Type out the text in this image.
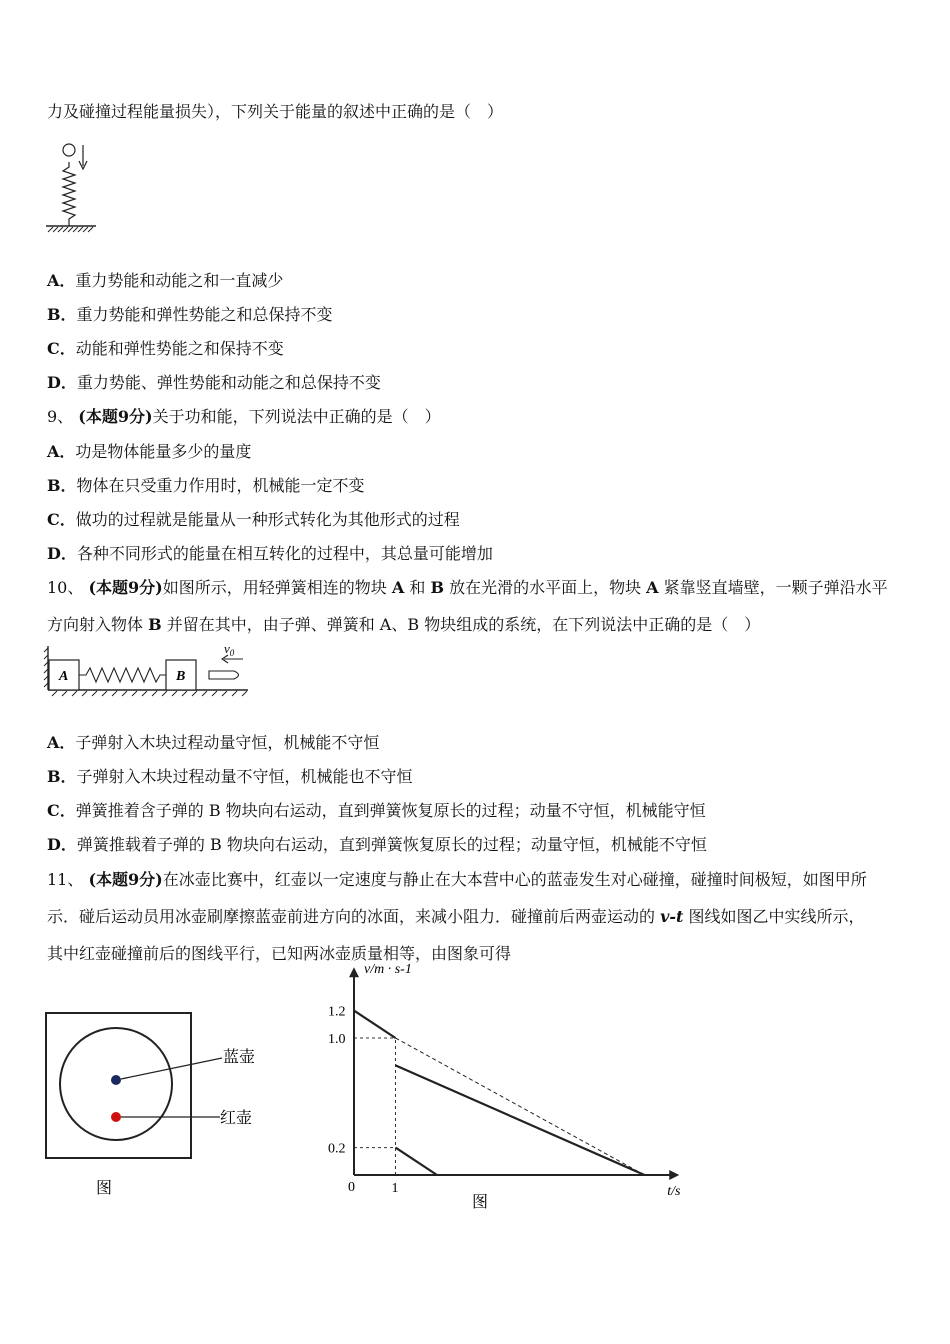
力及碰撞过程能量损失），下列关于能量的叙述中正确的是（　）
A．重力势能和动能之和一直减少
B．重力势能和弹性势能之和总保持不变
C．动能和弹性势能之和保持不变
D．重力势能、弹性势能和动能之和总保持不变
9、 (本题9分)关于功和能，下列说法中正确的是（　）
A．功是物体能量多少的量度
B．物体在只受重力作用时，机械能一定不变
C．做功的过程就是能量从一种形式转化为其他形式的过程
D．各种不同形式的能量在相互转化的过程中，其总量可能增加
10、 (本题9分)如图所示，用轻弹簧相连的物块 A 和 B 放在光滑的水平面上，物块 A 紧靠竖直墙壁，一颗子弹沿水平
方向射入物体 B 并留在其中，由子弹、弹簧和 A、B 物块组成的系统，在下列说法中正确的是（　）
A	B
$v_0$
A．子弹射入木块过程动量守恒，机械能不守恒
B．子弹射入木块过程动量不守恒，机械能也不守恒
C．弹簧推着含子弹的 B 物块向右运动，直到弹簧恢复原长的过程；动量不守恒，机械能守恒
D．弹簧推载着子弹的 B 物块向右运动，直到弹簧恢复原长的过程；动量守恒，机械能不守恒
11、 (本题9分)在冰壶比赛中，红壶以一定速度与静止在大本营中心的蓝壶发生对心碰撞，碰撞时间极短，如图甲所
示．碰后运动员用冰壶刷摩擦蓝壶前进方向的冰面，来减小阻力．碰撞前后两壶运动的 v-t 图线如图乙中实线所示，
其中红壶碰撞前后的图线平行，已知两冰壶质量相等，由图象可得
蓝壶
红壶
图
v/m · s-1
t/s
0
1.2
1.0
0.2
1
图
